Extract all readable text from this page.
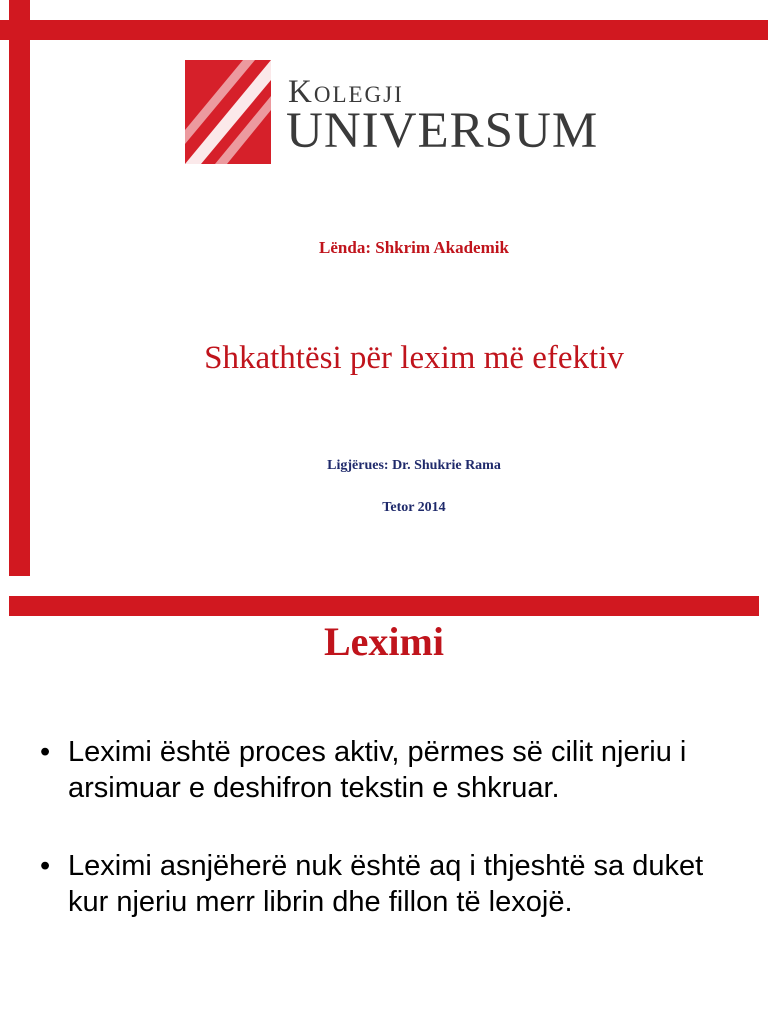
Kolegji
UNIVERSUM
Lënda: Shkrim Akademik
Shkathtësi për lexim më efektiv
Ligjërues: Dr. Shukrie Rama
Tetor 2014
Leximi
• Leximi është proces aktiv, përmes së cilit njeriu i arsimuar e deshifron tekstin e shkruar.
• Leximi asnjëherë nuk është aq i thjeshtë sa duket kur njeriu merr librin dhe fillon të lexojë.
